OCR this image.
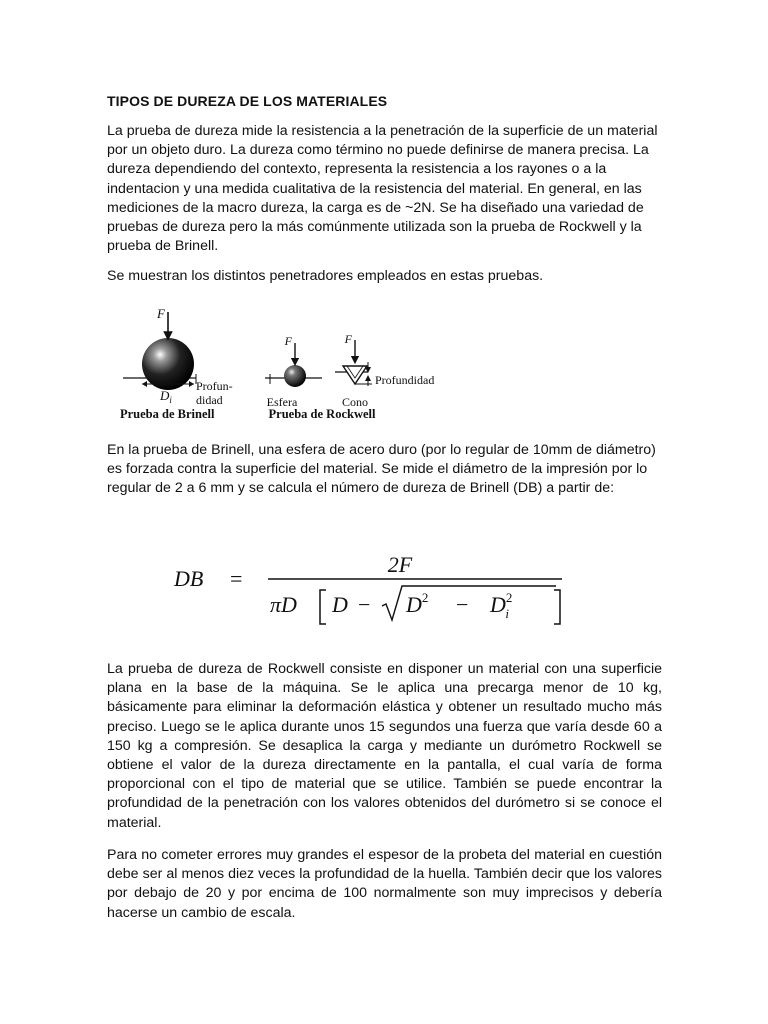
TIPOS DE DUREZA DE LOS MATERIALES

La prueba de dureza mide la resistencia a la penetración de la superficie de un material por un objeto duro. La dureza como término no puede definirse de manera precisa. La dureza dependiendo del contexto, representa la resistencia a los rayones o a la indentacion y una medida cualitativa de la resistencia del material. En general, en las mediciones de la macro dureza, la carga es de ~2N. Se ha diseñado una variedad de pruebas de dureza pero la más comúnmente utilizada son la prueba de Rockwell y la prueba de Brinell.

Se muestran los distintos penetradores empleados en estas pruebas.

F
$D_i$
Profun-
didad
Prueba de Brinell
F
Esfera
F
Profundidad
Cono
Prueba de Rockwell

En la prueba de Brinell, una esfera de acero duro (por lo regular de 10mm de diámetro) es forzada contra la superficie del material. Se mide el diámetro de la impresión por lo regular de 2 a 6 mm y se calcula el número de dureza de Brinell (DB) a partir de:

DB =
2F
πD $D - D^2 - D^2$ i

La prueba de dureza de Rockwell consiste en disponer un material con una superficie plana en la base de la máquina. Se le aplica una precarga menor de 10 kg, básicamente para eliminar la deformación elástica y obtener un resultado mucho más preciso. Luego se le aplica durante unos 15 segundos una fuerza que varía desde 60 a 150 kg a compresión. Se desaplica la carga y mediante un durómetro Rockwell se obtiene el valor de la dureza directamente en la pantalla, el cual varía de forma proporcional con el tipo de material que se utilice. También se puede encontrar la profundidad de la penetración con los valores obtenidos del durómetro si se conoce el material.

Para no cometer errores muy grandes el espesor de la probeta del material en cuestión debe ser al menos diez veces la profundidad de la huella. También decir que los valores por debajo de 20 y por encima de 100 normalmente son muy imprecisos y debería hacerse un cambio de escala.
